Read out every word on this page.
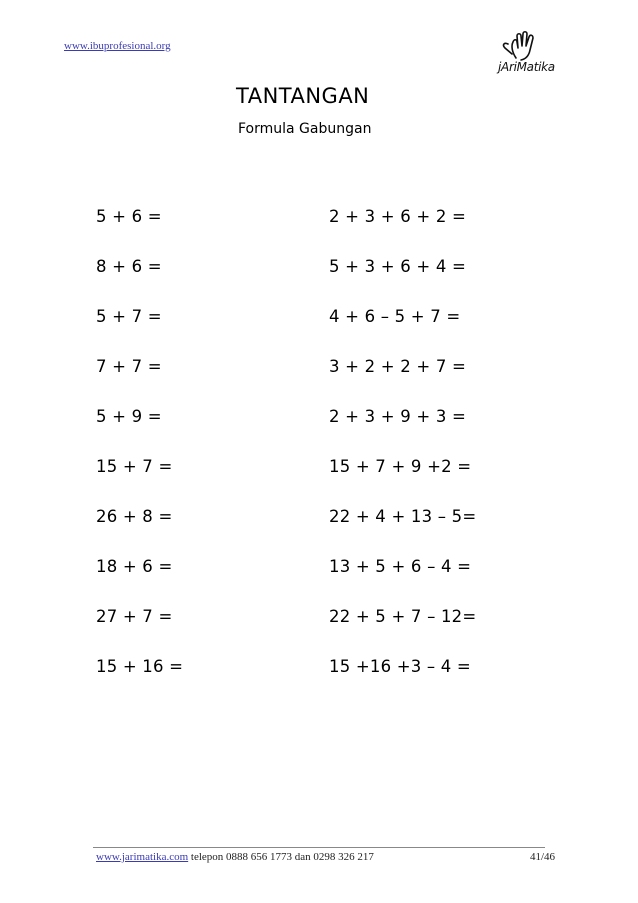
www.ibuprofesional.org
jAriMatika
TANTANGAN
Formula Gabungan
5 + 6 =
8 + 6 =
5 + 7 =
7 + 7 =
5 + 9 =
15 + 7 =
26 + 8 =
18 + 6 =
27 + 7 =
15 + 16 =
2 + 3 + 6 + 2 =
5 + 3 + 6 + 4 =
4 + 6 – 5 + 7 =
3 + 2 + 2 + 7 =
2 + 3 + 9 + 3 =
15 + 7 + 9 +2 =
22 + 4 + 13 – 5=
13 + 5 + 6 – 4 =
22 + 5 + 7 – 12=
15 +16 +3 – 4 =
www.jarimatika.com telepon 0888 656 1773 dan 0298 326 217	41/46
